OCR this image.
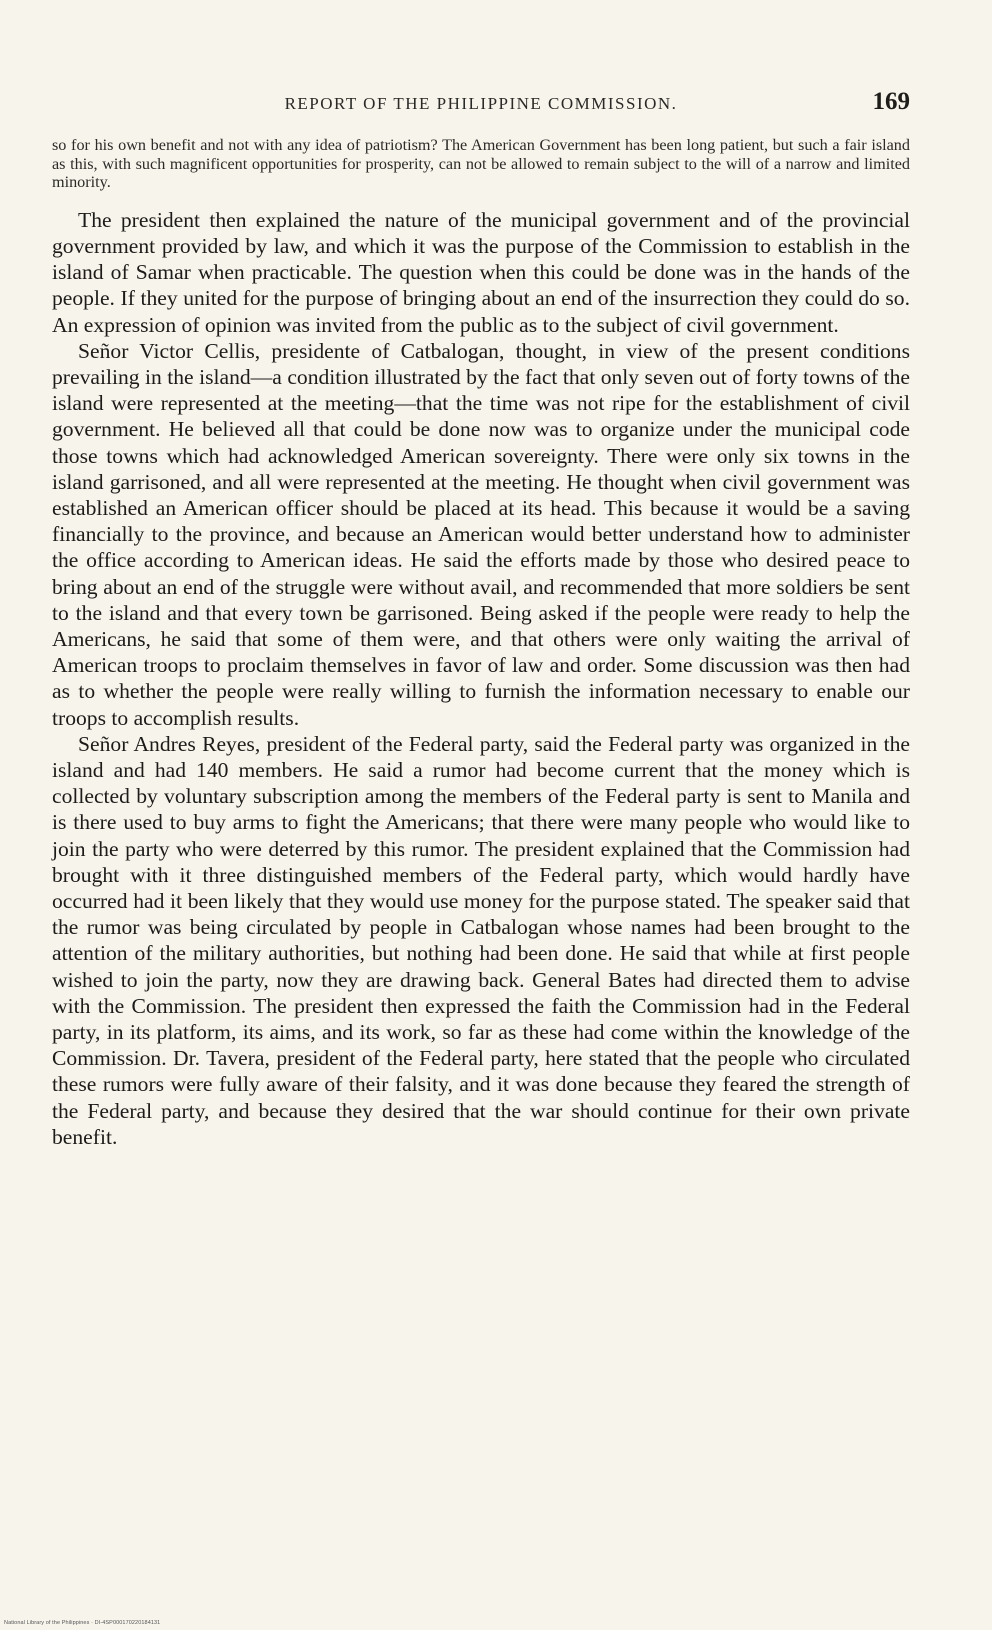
REPORT OF THE PHILIPPINE COMMISSION.	169
so for his own benefit and not with any idea of patriotism? The American Government has been long patient, but such a fair island as this, with such magnificent opportunities for prosperity, can not be allowed to remain subject to the will of a narrow and limited minority.

The president then explained the nature of the municipal government and of the provincial government provided by law, and which it was the purpose of the Commission to establish in the island of Samar when practicable. The question when this could be done was in the hands of the people. If they united for the purpose of bringing about an end of the insurrection they could do so. An expression of opinion was invited from the public as to the subject of civil government.

Señor Victor Cellis, presidente of Catbalogan, thought, in view of the present conditions prevailing in the island—a condition illustrated by the fact that only seven out of forty towns of the island were represented at the meeting—that the time was not ripe for the establishment of civil government. He believed all that could be done now was to organize under the municipal code those towns which had acknowledged American sovereignty. There were only six towns in the island garrisoned, and all were represented at the meeting. He thought when civil government was established an American officer should be placed at its head. This because it would be a saving financially to the province, and because an American would better understand how to administer the office according to American ideas. He said the efforts made by those who desired peace to bring about an end of the struggle were without avail, and recommended that more soldiers be sent to the island and that every town be garrisoned. Being asked if the people were ready to help the Americans, he said that some of them were, and that others were only waiting the arrival of American troops to proclaim themselves in favor of law and order. Some discussion was then had as to whether the people were really willing to furnish the information necessary to enable our troops to accomplish results.

Señor Andres Reyes, president of the Federal party, said the Federal party was organized in the island and had 140 members. He said a rumor had become current that the money which is collected by voluntary subscription among the members of the Federal party is sent to Manila and is there used to buy arms to fight the Americans; that there were many people who would like to join the party who were deterred by this rumor. The president explained that the Commission had brought with it three distinguished members of the Federal party, which would hardly have occurred had it been likely that they would use money for the purpose stated. The speaker said that the rumor was being circulated by people in Catbalogan whose names had been brought to the attention of the military authorities, but nothing had been done. He said that while at first people wished to join the party, now they are drawing back. General Bates had directed them to advise with the Commission. The president then expressed the faith the Commission had in the Federal party, in its platform, its aims, and its work, so far as these had come within the knowledge of the Commission. Dr. Tavera, president of the Federal party, here stated that the people who circulated these rumors were fully aware of their falsity, and it was done because they feared the strength of the Federal party, and because they desired that the war should continue for their own private benefit.

National Library of the Philippines · DI-4SP000170220184131
